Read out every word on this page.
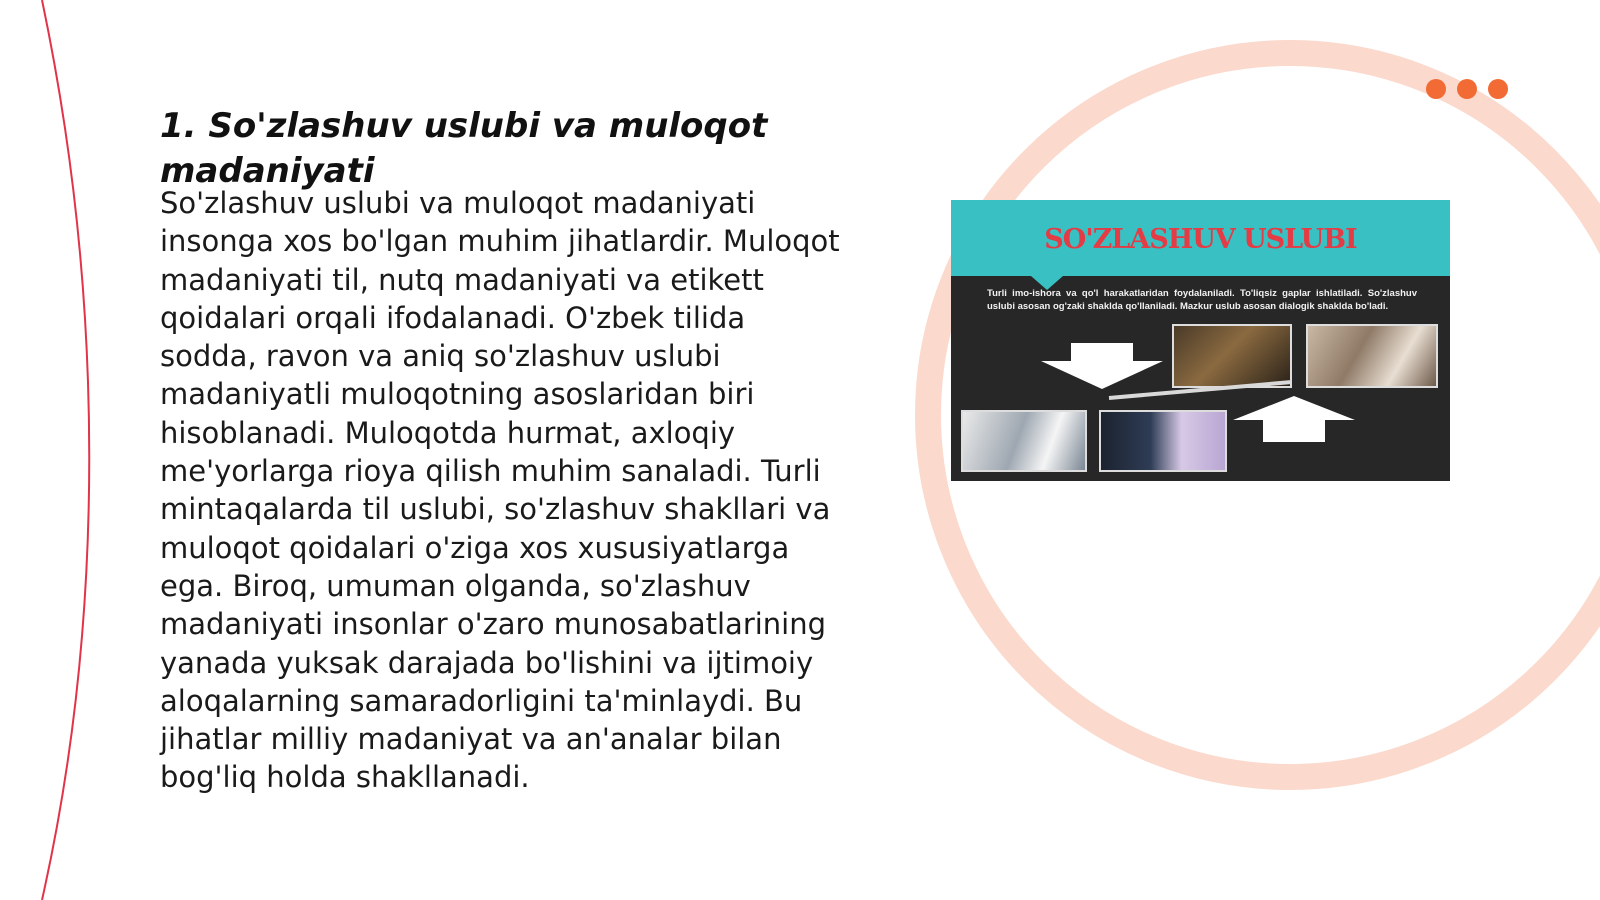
1. So'zlashuv uslubi va muloqot madaniyati

So'zlashuv uslubi va muloqot madaniyati insonga xos bo'lgan muhim jihatlardir. Muloqot madaniyati til, nutq madaniyati va etikett qoidalari orqali ifodalanadi. O'zbek tilida sodda, ravon va aniq so'zlashuv uslubi madaniyatli muloqotning asoslaridan biri hisoblanadi. Muloqotda hurmat, axloqiy me'yorlarga rioya qilish muhim sanaladi. Turli mintaqalarda til uslubi, so'zlashuv shakllari va muloqot qoidalari o'ziga xos xususiyatlarga ega. Biroq, umuman olganda, so'zlashuv madaniyati insonlar o'zaro munosabatlarining yanada yuksak darajada bo'lishini va ijtimoiy aloqalarning samaradorligini ta'minlaydi. Bu jihatlar milliy madaniyat va an'analar bilan bog'liq holda shakllanadi.

SO'ZLASHUV USLUBI
Turli imo-ishora va qo'l harakatlaridan foydalaniladi. To'liqsiz gaplar ishlatiladi. So'zlashuv uslubi asosan og'zaki shaklda qo'llaniladi. Mazkur uslub asosan dialogik shaklda bo'ladi.
